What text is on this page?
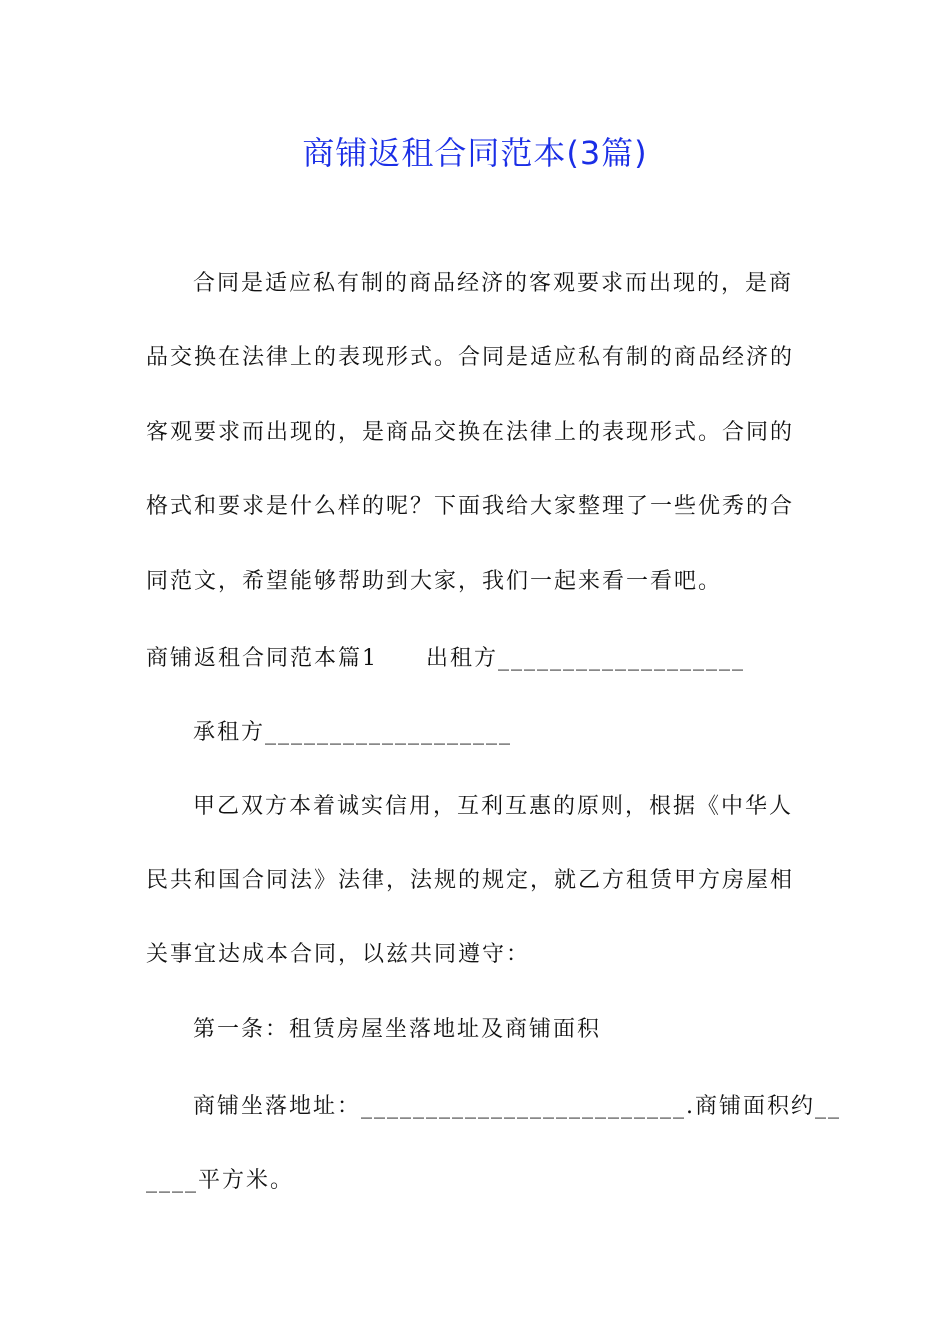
商铺返租合同范本(3篇)
合同是适应私有制的商品经济的客观要求而出现的，是商
品交换在法律上的表现形式。合同是适应私有制的商品经济的
客观要求而出现的，是商品交换在法律上的表现形式。合同的
格式和要求是什么样的呢？下面我给大家整理了一些优秀的合
同范文，希望能够帮助到大家，我们一起来看一看吧。
商铺返租合同范本篇1　　出租方___________________
承租方___________________
甲乙双方本着诚实信用，互利互惠的原则，根据《中华人
民共和国合同法》法律，法规的规定，就乙方租赁甲方房屋相
关事宜达成本合同，以兹共同遵守：
第一条：租赁房屋坐落地址及商铺面积
商铺坐落地址：_________________________.商铺面积约__
____平方米。
